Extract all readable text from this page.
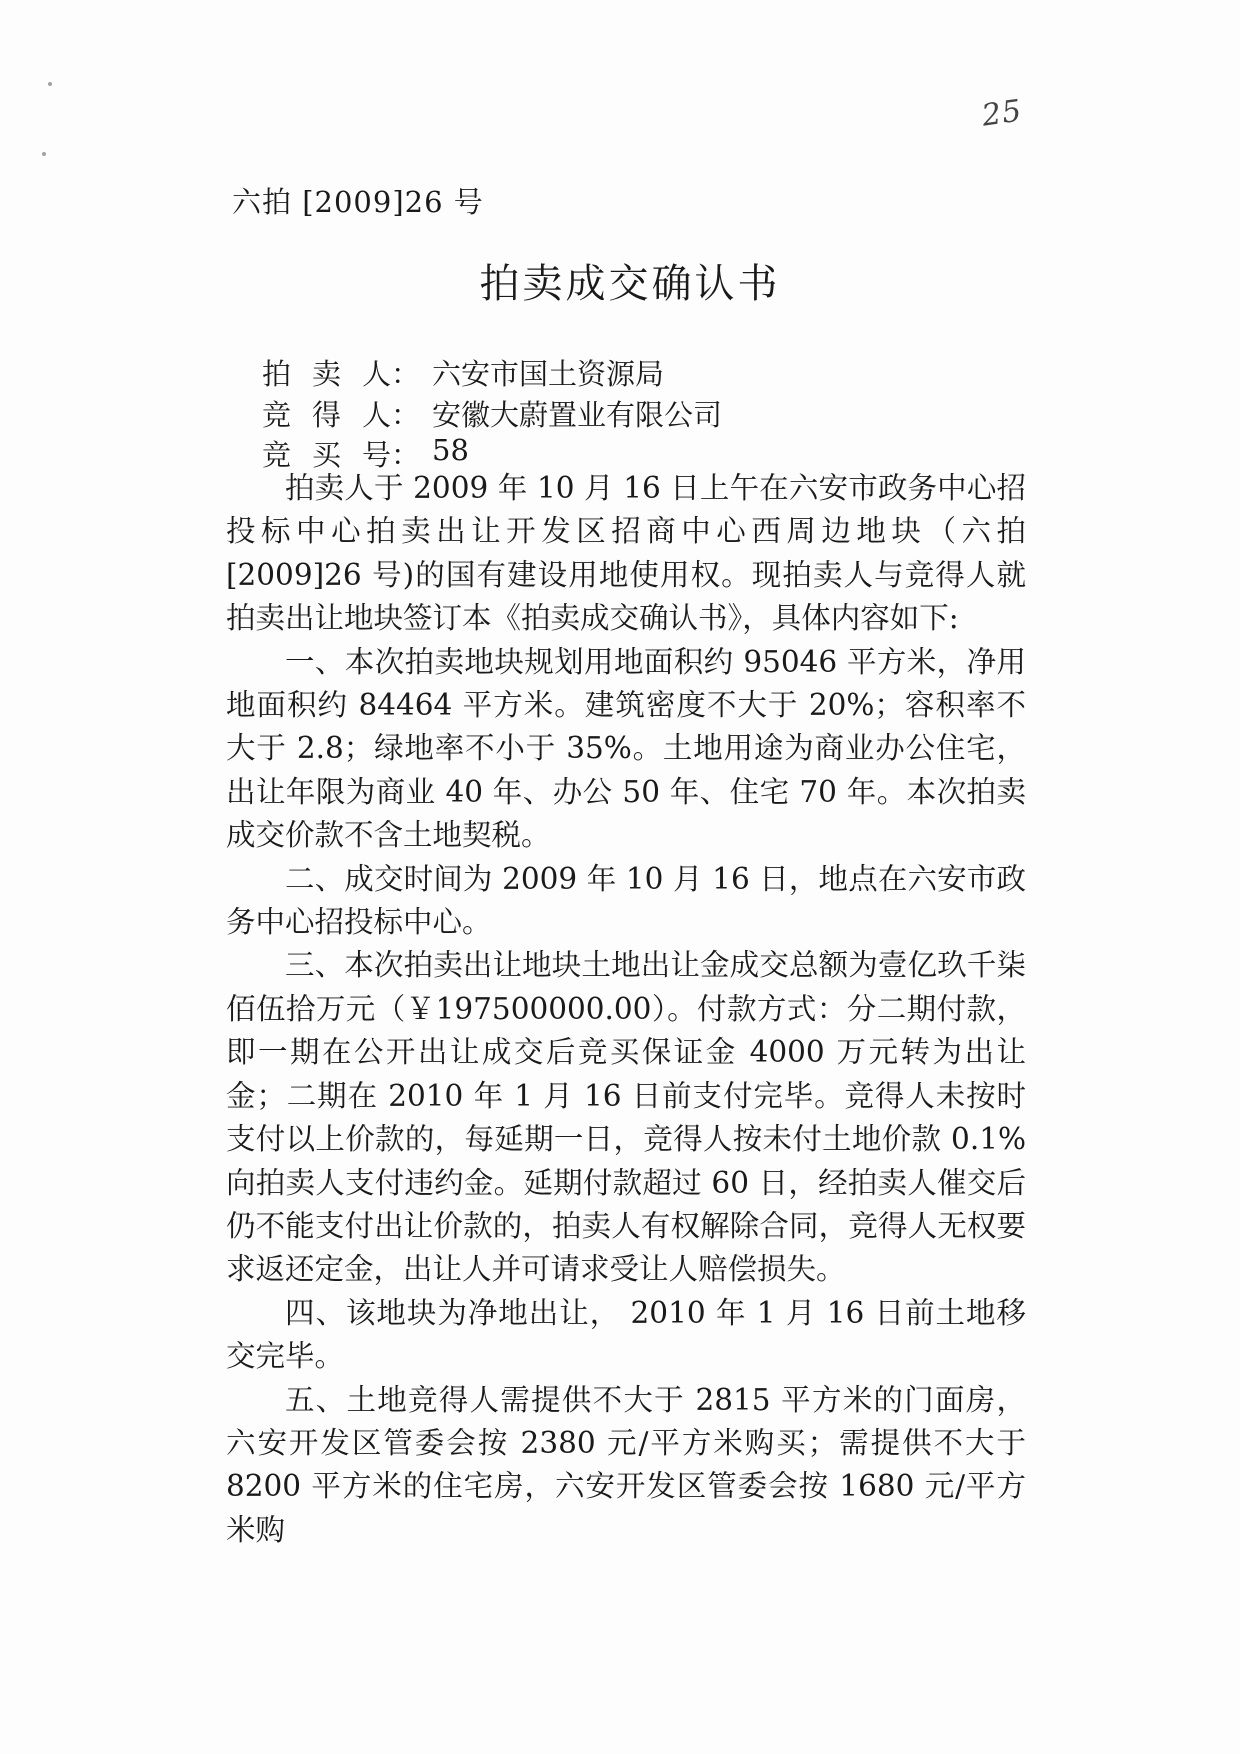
25
六拍 [2009]26 号
拍卖成交确认书
拍 卖 人： 六安市国土资源局
竞 得 人： 安徽大蔚置业有限公司
竞 买 号： 58

拍卖人于 2009 年 10 月 16 日上午在六安市政务中心招投标中心拍卖出让开发区招商中心西周边地块（六拍 [2009]26 号)的国有建设用地使用权。现拍卖人与竞得人就拍卖出让地块签订本《拍卖成交确认书》，具体内容如下:

一、本次拍卖地块规划用地面积约 95046 平方米，净用地面积约 84464 平方米。建筑密度不大于 20%；容积率不大于 2.8；绿地率不小于 35%。土地用途为商业办公住宅，出让年限为商业 40 年、办公 50 年、住宅 70 年。本次拍卖成交价款不含土地契税。

二、成交时间为 2009 年 10 月 16 日，地点在六安市政务中心招投标中心。

三、本次拍卖出让地块土地出让金成交总额为壹亿玖千柒佰伍拾万元（￥197500000.00）。付款方式：分二期付款，即一期在公开出让成交后竞买保证金 4000 万元转为出让金；二期在 2010 年 1 月 16 日前支付完毕。竞得人未按时支付以上价款的，每延期一日，竞得人按未付土地价款 0.1%向拍卖人支付违约金。延期付款超过 60 日，经拍卖人催交后仍不能支付出让价款的，拍卖人有权解除合同，竞得人无权要求返还定金，出让人并可请求受让人赔偿损失。

四、该地块为净地出让， 2010 年 1 月 16 日前土地移交完毕。

五、土地竞得人需提供不大于 2815 平方米的门面房，六安开发区管委会按 2380 元/平方米购买；需提供不大于 8200 平方米的住宅房，六安开发区管委会按 1680 元/平方米购
